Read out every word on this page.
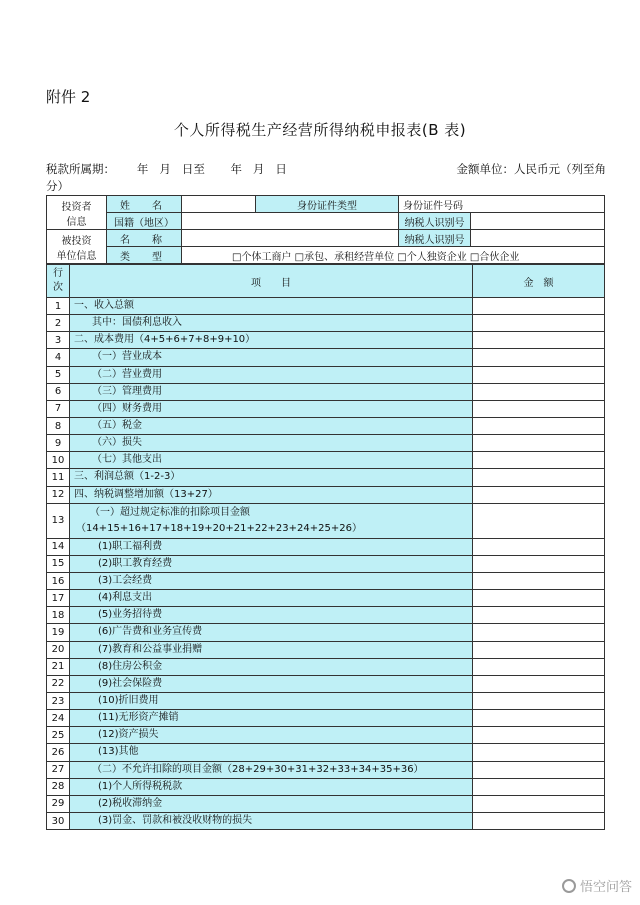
附件 2
个人所得税生产经营所得纳税申报表(B 表)
税款所属期：      年   月   日至       年   月   日	金额单位：人民币元（列至角
分）
投资者
信息	姓　名		身份证件类型	身份证件号码	
	国籍（地区）			纳税人识别号	

被投资
单位信息	名　称			纳税人识别号	
	类　型	□个体工商户 □承包、承租经营单位 □个人独资企业 □合伙企业			
行
次	项　　目	金　额
1	一、收入总额	

2	其中：国债利息收入	

3	二、成本费用（4+5+6+7+8+9+10）	

4	（一）营业成本	

5	（二）营业费用	

6	（三）管理费用	

7	（四）财务费用	

8	（五）税金	

9	（六）损失	

10	（七）其他支出	

11	三、利润总额（1-2-3）	

12	四、纳税调整增加额（13+27）	

13	（一）超过规定标准的扣除项目金额
（14+15+16+17+18+19+20+21+22+23+24+25+26）	

14	(1)职工福利费	

15	(2)职工教育经费	

16	(3)工会经费	

17	(4)利息支出	

18	(5)业务招待费	

19	(6)广告费和业务宣传费	

20	(7)教育和公益事业捐赠	

21	(8)住房公积金	

22	(9)社会保险费	

23	(10)折旧费用	

24	(11)无形资产摊销	

25	(12)资产损失	

26	(13)其他	

27	（二）不允许扣除的项目金额（28+29+30+31+32+33+34+35+36）	

28	(1)个人所得税税款	

29	(2)税收滞纳金	

30	(3)罚金、罚款和被没收财物的损失	

悟空问答
